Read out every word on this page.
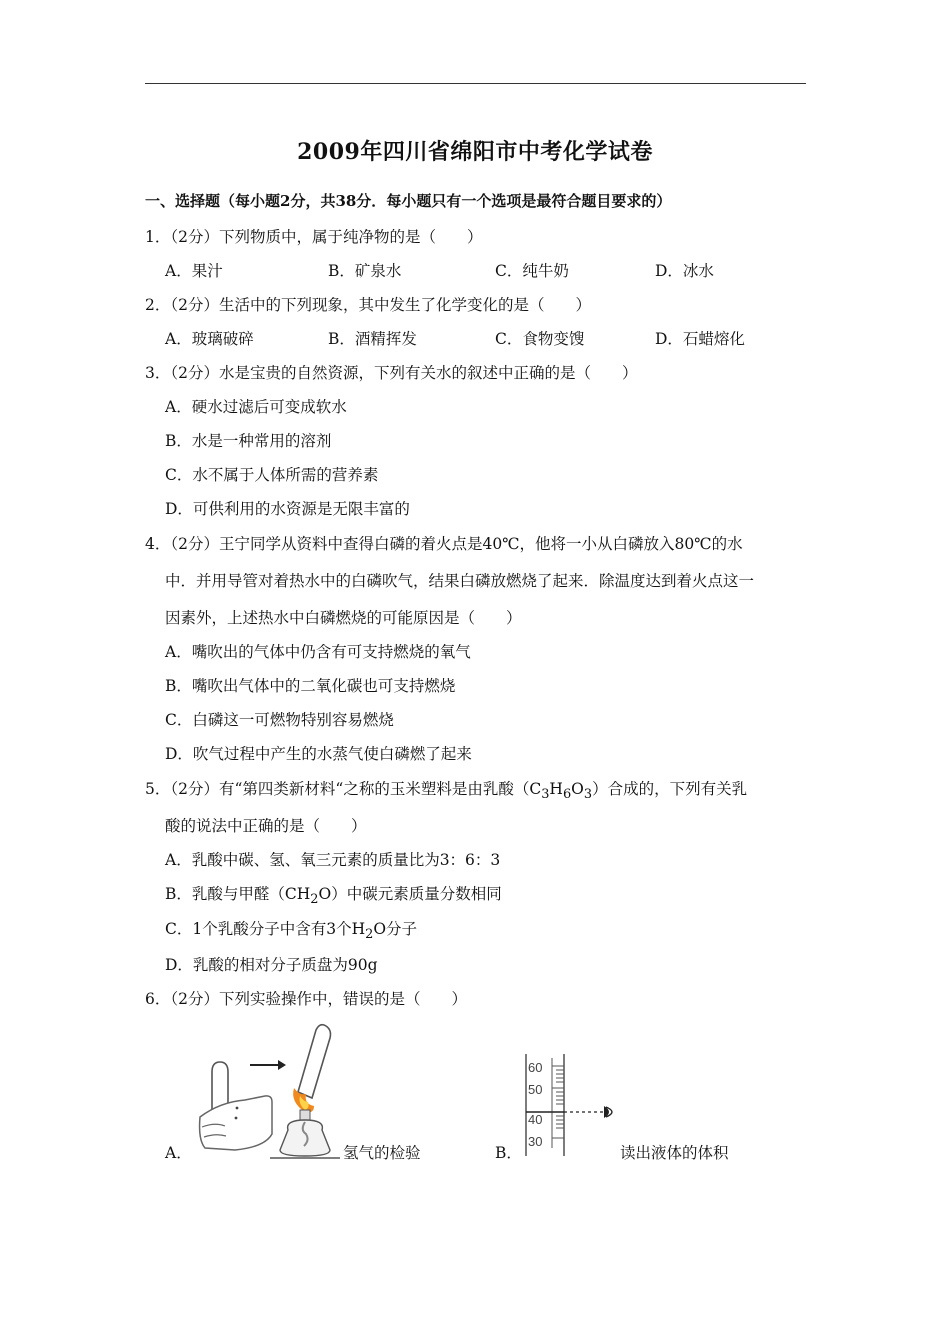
2009年四川省绵阳市中考化学试卷
一、选择题（每小题2分，共38分．每小题只有一个选项是最符合题目要求的）
1．（2分）下列物质中，属于纯净物的是（　　）
A．果汁	B．矿泉水	C．纯牛奶	D．冰水
2．（2分）生活中的下列现象，其中发生了化学变化的是（　　）
A．玻璃破碎	B．酒精挥发	C．食物变馊	D．石蜡熔化
3．（2分）水是宝贵的自然资源，下列有关水的叙述中正确的是（　　）
A．硬水过滤后可变成软水
B．水是一种常用的溶剂
C．水不属于人体所需的营养素
D．可供利用的水资源是无限丰富的
4．（2分）王宁同学从资料中查得白磷的着火点是40℃，他将一小从白磷放入80℃的水
中．并用导管对着热水中的白磷吹气，结果白磷放燃烧了起来．除温度达到着火点这一
因素外，上述热水中白磷燃烧的可能原因是（　　）
A．嘴吹出的气体中仍含有可支持燃烧的氧气
B．嘴吹出气体中的二氧化碳也可支持燃烧
C．白磷这一可燃物特别容易燃烧
D．吹气过程中产生的水蒸气使白磷燃了起来
5．（2分）有“第四类新材料“之称的玉米塑料是由乳酸$(C_3H_6O_3)$合成的，下列有关乳
酸的说法中正确的是（　　）
A．乳酸中碳、氢、氧三元素的质量比为3：6：3
B．乳酸与甲醛$(CH_2O)$中碳元素质量分数相同
C．1个乳酸分子中含有3个$H_2O$分子
D．乳酸的相对分子质盘为90g
6．（2分）下列实验操作中，错误的是（　　）
A．	氢气的检验	B．
60
50
40
30
读出液体的体积
